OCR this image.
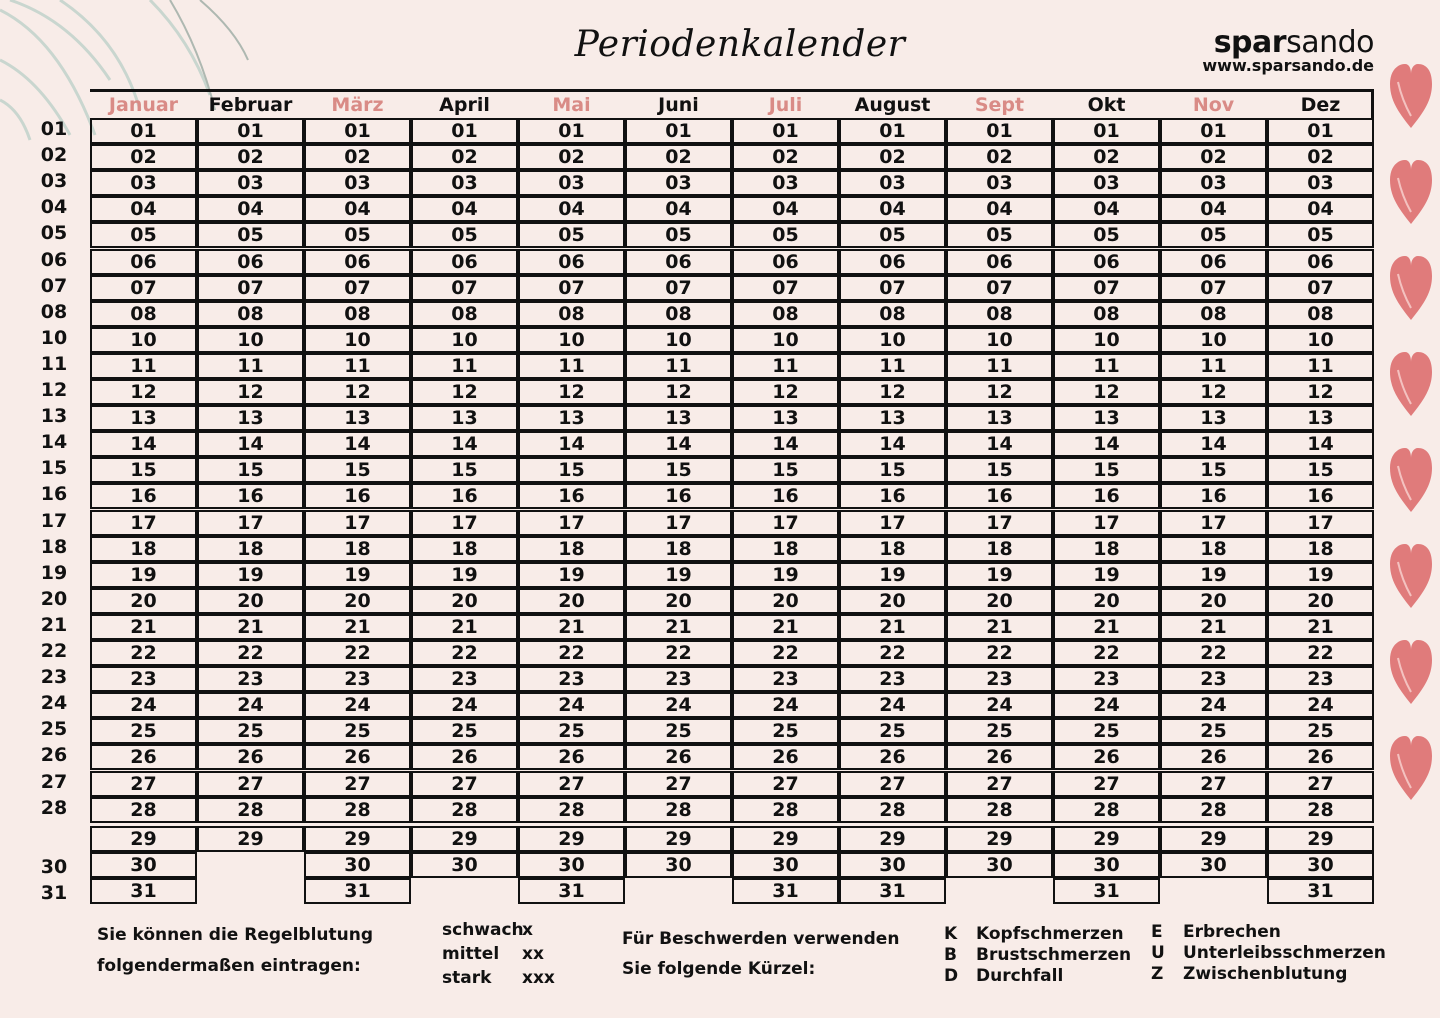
Periodenkalender	sparsando
www.sparsando.de
01
02
03
04
05
06
07
08
10
11
12
13
14
15
16
17
18
19
20
21
22
23
24
25
26
27
28
30
31
Januar
01
02
03
04
05
06
07
08
10
11
12
13
14
15
16
17
18
19
20
21
22
23
24
25
26
27
28
29
30
31
Februar
01
02
03
04
05
06
07
08
10
11
12
13
14
15
16
17
18
19
20
21
22
23
24
25
26
27
28
29
März
01
02
03
04
05
06
07
08
10
11
12
13
14
15
16
17
18
19
20
21
22
23
24
25
26
27
28
29
30
31
April
01
02
03
04
05
06
07
08
10
11
12
13
14
15
16
17
18
19
20
21
22
23
24
25
26
27
28
29
30
Mai
01
02
03
04
05
06
07
08
10
11
12
13
14
15
16
17
18
19
20
21
22
23
24
25
26
27
28
29
30
31
Juni
01
02
03
04
05
06
07
08
10
11
12
13
14
15
16
17
18
19
20
21
22
23
24
25
26
27
28
29
30
Juli
01
02
03
04
05
06
07
08
10
11
12
13
14
15
16
17
18
19
20
21
22
23
24
25
26
27
28
29
30
31
August
01
02
03
04
05
06
07
08
10
11
12
13
14
15
16
17
18
19
20
21
22
23
24
25
26
27
28
29
30
31
Sept
01
02
03
04
05
06
07
08
10
11
12
13
14
15
16
17
18
19
20
21
22
23
24
25
26
27
28
29
30
Okt
01
02
03
04
05
06
07
08
10
11
12
13
14
15
16
17
18
19
20
21
22
23
24
25
26
27
28
29
30
31
Nov
01
02
03
04
05
06
07
08
10
11
12
13
14
15
16
17
18
19
20
21
22
23
24
25
26
27
28
29
30
Dez
01
02
03
04
05
06
07
08
10
11
12
13
14
15
16
17
18
19
20
21
22
23
24
25
26
27
28
29
30
31
Sie können die Regelblutung
folgendermaßen eintragen:
schwachx
mittel xx
stark xxx
Für Beschwerden verwenden
Sie folgende Kürzel:
K Kopfschmerzen
B Brustschmerzen
D Durchfall
E Erbrechen
U Unterleibsschmerzen
Z Zwischenblutung
